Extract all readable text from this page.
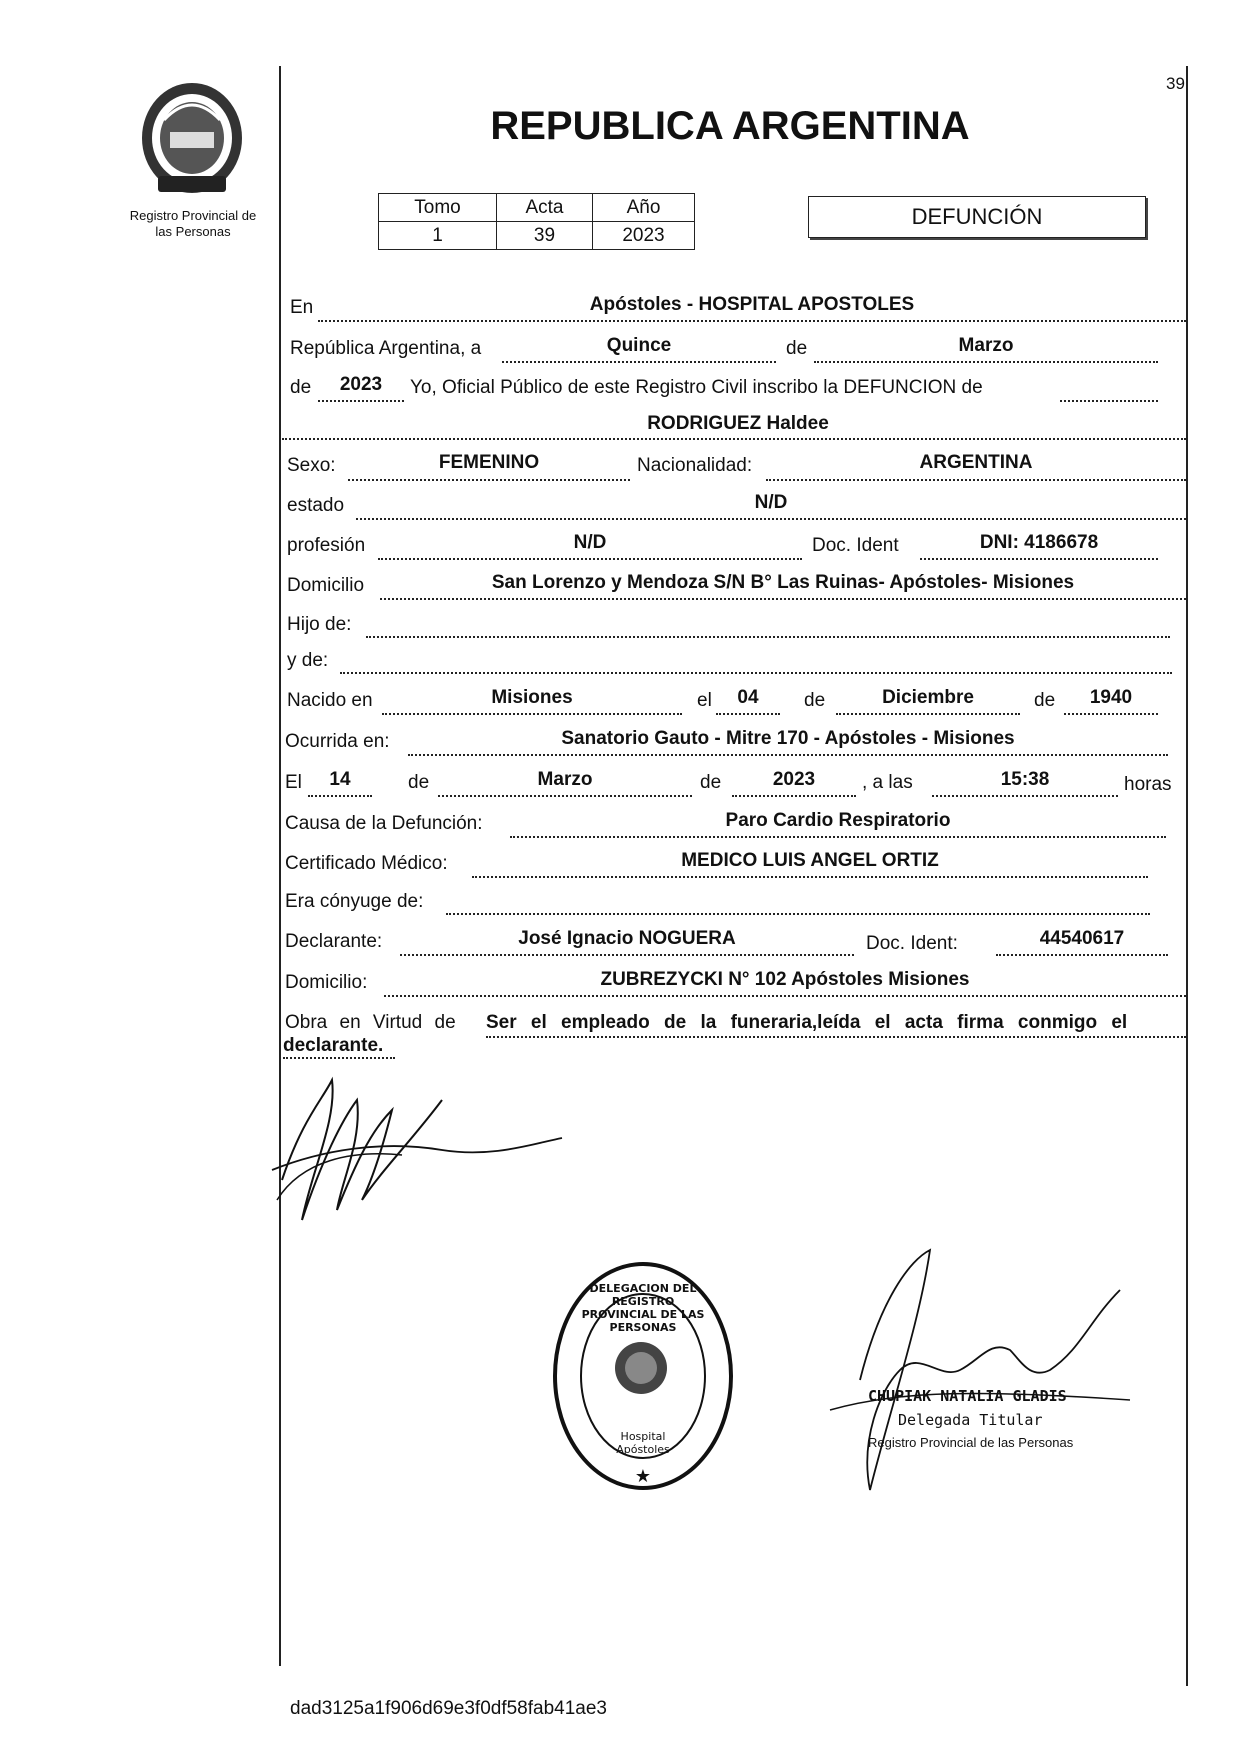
39
Registro Provincial de
las Personas
REPUBLICA ARGENTINA
Tomo	Acta	Año
1	39	2023
DEFUNCIÓN
En	Apóstoles - HOSPITAL APOSTOLES
República Argentina, a	Quince	de	Marzo
de	2023	Yo, Oficial Público de este Registro Civil inscribo la DEFUNCION de
RODRIGUEZ Haldee
Sexo:	FEMENINO	Nacionalidad:	ARGENTINA
estado	N/D
profesión	N/D	Doc. Ident	DNI: 4186678
Domicilio	San Lorenzo y Mendoza S/N B° Las Ruinas- Apóstoles- Misiones
Hijo de:
y de:
Nacido en	Misiones	el	04	de	Diciembre	de	1940
Ocurrida en:	Sanatorio Gauto - Mitre 170 - Apóstoles - Misiones
El	14	de	Marzo	de	2023	, a las	15:38	horas
Causa de la Defunción:	Paro Cardio Respiratorio
Certificado Médico:	MEDICO LUIS ANGEL ORTIZ
Era cónyuge de:
Declarante:	José Ignacio NOGUERA	Doc. Ident:	44540617
Domicilio:	ZUBREZYCKI N° 102 Apóstoles Misiones
Obra en Virtud de Ser el empleado de la funeraria,leída el acta firma conmigo el
declarante.
★
DELEGACION DEL REGISTRO PROVINCIAL DE LAS PERSONAS
Hospital Apóstoles
CHUPIAK NATALIA GLADIS
Delegada Titular
Registro Provincial de las Personas
dad3125a1f906d69e3f0df58fab41ae3
